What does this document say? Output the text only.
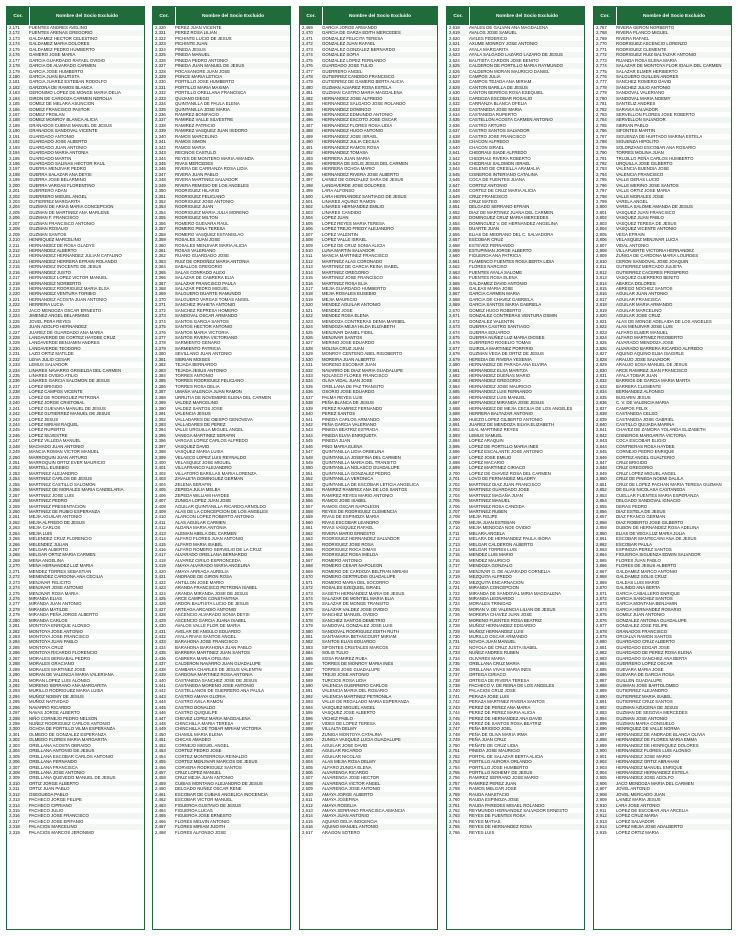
Cor.	Nombre del Socio Excluido
2,171	FUENTES ANDRES AVELINO
2,172	FUENTES ARENAS GREGORIO
2,173	GALDAMEZ HECTOR CELESTINO
2,174	GALDAMEZ MARIA DOLORES
2,175	GALDAMEZ PEDRO HUMBERTO
2,176	GAMERO JOSE MARIA
2,177	GARCIA GUARDADO RAFAEL OVIDIO
2,178	GARCIA DE ALVARADO CARMEN
2,179	GARCIA JOSE HUMBERTO
2,180	GARCIA JUAN BAUTISTA
2,181	GARCIA JUAREZ ESTEBAN RODOLFO
2,182	GARZONA DE RAMOS BLANCA
2,183	GERONIMO LOPEZ DE MONGE MARIA DELIA
2,184	GIRON DE CARDOZA CARMEN NEROLIA
2,185	GOMEZ DE MELARA ASUNCION
2,186	GOMEZ FRANCISCO PASTOR
2,187	GOMEZ FROILAN
2,188	GOMEZ MONROY BLANCA ALICIA
2,189	GRANADOS CUBIAS MANUEL DE JESUS
2,190	GRANADOS SANDOVAL VICENTE
2,191	GUARDADO ANTONIO
2,192	GUARDADO JOSE ALBERTO
2,193	GUARDADO JUAN ANTONIO
2,194	GUARDADO MARIA ANTONIA
2,195	GUARDADO MARTIN
2,196	GUARDADO SALINAS HECTOR RAUL
2,197	GUERRA MENJIVAR PEDRO
2,198	GUERRA SALAZAR ANA DEYSI
2,199	GUERRA JOSE BELARMINO
2,200	GUERRA VARGAS FLORENTINO
2,201	GUERRERO ADAN
2,202	GUERRERO MIGUEL ANGEL
2,203	GUTIERREZ MARGARITA
2,204	GUZMAN DE ARIAS MARIA CONCEPCION
2,205	GUZMAN DE MARTINEZ ANA MARLENE
2,206	GUZMAN F. FRANCISCO
2,207	GUZMAN FRANCISCO ANTONIO
2,208	GUZMAN ROSALIO
2,209	GUZMAN SANTOS
2,210	HENRIQUEZ MARCELINO
2,211	HERNANDEZ DE ROSA GLADYS
2,212	HERNANDEZ ALBERTO
2,213	HERNANDEZ HERNANDEZ JULIAN CATALINO
2,214	HERNANDEZ HERRERA EFRAIN ROLANDO
2,215	HERNANDEZ INOCENTE DE JESUS
2,216	HERNANDEZ JUSTO
2,217	HERNANDEZ LOPEZ VICTOR MANUEL
2,218	HERNANDEZ NORBERTO
2,219	HERNANDEZ RODRIGUEZ MARIA ELSA
2,220	HERNANDEZ VENTURA TORIBIO
2,221	HERNANDEZ ACOSTA JUAN ANTONIO
2,222	HERRERA LUCIA
2,223	JACO MENDOZA OSCAR ERNESTO
2,224	JIMENEZ ANGEL BELARMINO
2,225	JOVEL PERA REYES
2,226	JUAN ADOLFO HERNANDEZ
2,227	JUAREZ DE GUARDADO ANA MARIA
2,228	LANDAVERDE DE CORTEZ HAYDEE CRUZ
2,229	LANDAVERDE BENJAMIN ANDRES
2,230	LANDAVERDE TEODORO
2,231	LAZO ORTIZ MATILDE
2,232	LEIVA JULIO CESAR
2,233	LEMUS SALVADOR
2,234	LINARES NAVARRO GRISELDA DEL CARMEN
2,235	LINARES OVIDIO ATILIO
2,236	LINARES GARCIA SALOMON DE JESUS
2,237	LOPEZ BRIGIDO
2,238	LOPEZ CAMPOS VICENTE
2,239	LOPEZ DE RODRIGUEZ PETRONA
2,240	LOPEZ JORGE CRISTOBAL
2,241	LOPEZ GUEVARA MANUEL DE JESUS
2,242	LOPEZ GUTIERREZ MANUEL DE JESUS
2,243	LOPEZ JESUS
2,244	LOPEZ MIRIAM RAQUEL
2,245	LOPEZ RUPERTO
2,246	LOPEZ SILVESTRE
2,247	LOPEZ VILLEDA MANUEL
2,248	MACHADO JUAN ANTONIO
2,249	MANCIA ROMAN VICTOR MANUEL
2,250	MARROQUIN JUAN ARTURO
2,251	MARROQUIN ORTIZ EVER MAURICIO
2,252	MARTELL EUSEBIO
2,253	MARTINEZ ALEJANDRO
2,254	MARTINEZ CARLOS DE JESUS
2,255	MARTINEZ CASTILLO SALOMON
2,256	MARTINEZ DE MORALES MARIA CANDELARIA
2,257	MARTINEZ JOSE LUIS
2,258	MARTINEZ PEDRO
2,259	MARTINEZ PRESENTACION
2,260	MARTINEZ DE RUBIO ESPERANZA
2,261	MEJIA AGUILAR ANTONIO
2,262	MEJIA ALFREDO DE JESUS
2,263	MEJIA CARLOS
2,264	MEJIA LUIS
2,265	MELENDEZ CRUZ FLORENCIO
2,266	MELENDEZ JULIAN
2,267	MELGAR ALBERTO
2,268	MELGAR ORTIZ MARIA CARMEN
2,269	MENA ANGELINA
2,270	MENA HERNANDEZ LUZ MARIA
2,271	MENDEZ TORRES SEBASTIAN
2,272	MENENDEZ CARDONA ANA CECILIA
2,273	MENJIVAR FELICITO
2,274	MENJIVAR JOSE ANTONIO
2,275	MENJIVAR ROSA MARIA
2,276	MIRANDA ELIAS
2,277	MIRANDA JUAN ANTONIO
2,278	MIRANDA MATILDE
2,279	MIRANDA PEÑA JORGE ALBERTO
2,280	MIRANDA CARLOS
2,281	MONTOYA ENRIQUE ALONSO
2,282	MONTOYA JOSE ANTONIO
2,283	MONTOYA JOSE FRANCISCO
2,284	MONTOYA JUAN PABLO
2,285	MONTOYA CRUZ
2,286	MONTOYA RICARDO FLORENCIO
2,287	MORALES BERSABAL PEDRO
2,288	MORALES GRACIANO
2,289	MORALES MARTINEZ JOSE
2,290	MORAN DE VALENCIA MARIA VALERIANA
2,291	MORAN LOPEZ LUIS ALONSO
2,292	MORENO SERRANO ANA MARGARITA
2,293	MURILLO RODRIGUEZ MARIA LUISA
2,294	MUÑOZ NOEMY DE JESUS
2,295	MUÑOZ NATIVIDAD
2,296	NAVARRO RICARDO
2,297	NAVAS JORGE ALBERTO
2,298	NIÑO CORNEJO PEDRO NELSON
2,299	NUÑEZ RODRIGUEZ CARLOS ANTONIO
2,300	OCHOA DE PORTILLO VILMA ESPERANZA
2,301	OLMEDO DE GONZALEZ ESPERANZA
2,302	OLMEDO FLORES MARIA MARGARITA
2,303	ORELLANA ACOSTA OBRAIDO
2,304	ORELLANA ANTONIO DE JESUS
2,305	ORELLANA ESCOBAR CARLOS ANTONIO
2,306	ORELLANA FERNANDO
2,307	ORELLANA FRANCISCA
2,308	ORELLANA JOSE ANTONIO
2,309	ORELLANA QUEVEDO MANUEL DE JESUS
2,310	ORTIZ JORGE ALBERTO
2,311	ORTIZ JUAN PABLO
2,312	OSEGUEDA PABLO
2,313	PACHECO JORGE FELIPE
2,314	PACHECO CIPRIANO
2,315	PACHECO JULIO
2,316	PACHECO JOSE FRANCISCO
2,317	PACHECO JOSE EPIFANIO
2,318	PALACIOS MARCELINO
2,319	PALACIOS MARCOS JERONIMO
Cor.	Nombre del Socio Excluido
2,320	PEREZ JUAN VICENTE
2,321	PEREZ ROSA LILIAN
2,322	PICHINTE LUCIO DE JESUS
2,323	PICHINTE JUAN
2,324	PINEDA JESUS
2,325	PINEDA MANUEL
2,326	PINEDA PEDRO ANTONIO
2,327	PINEDA JUAN MANUEL DE JESUS
2,328	POCASANGRE JUAN JOSE
2,329	PONCE MARIA LETICIA
2,330	PORTILLO JOSE HUMBERTO
2,331	PORTILLO MARIA MAXIMA
2,332	PORTILLO ORELLANA FRANCISCA
2,333	QUIJANO DIEGO
2,334	QUINTANILLA DE PAULA ELENA
2,335	QUINTANILLA JOSE MARIA
2,336	RAMIREZ BONIFACIO
2,337	RAMIREZ VALLE SILVESTRE
2,338	RAMIREZ PATRICIO
2,339	RAMIREZ VASQUEZ JUAN ISIDORO
2,340	RAMOS MARCELINO
2,341	RAMOS SIMON
2,342	RAMOS MARIA
2,343	RECINOS CASTULO
2,344	REYES DE MONTERO MARIA AMANDA
2,345	RIVAS MERCEDES
2,346	RIVERA DE CARRANZA ROSA LIDIA
2,347	RIVERA JUAN PABLO
2,348	RIVERA MARTINEZ SALVADOR
2,349	RIVERA REMIGIO DE LOS ANGELES
2,350	RODRIGUEZ HILARIO
2,351	RODRIGUEZ FELICIANO
2,352	RODRIGUEZ JOSE ANTONIO
2,353	RODRIGUEZ JUAN
2,354	RODRIGUEZ MARIA JULIA MORENO
2,355	RODRIGUEZ MILTON
2,356	ROMERO GUEVARA RAUL
2,357	ROMERO PENA TERESA
2,358	ROMERO VASQUEZ ESTANISLAO
2,359	ROSALES JUAN JOSE
2,360	ROSALES MENJIVAR MARIA ALICIA
2,361	ROSAS VALERIANO
2,362	RUANO GUARDADO JOSE
2,363	RUIZ DE ORDOÑEZ MARIA ANTONIA
2,364	SABALLOS GREGORIO
2,365	SALAS CONRADO ALEXI
2,366	SALAZAR DE CABRERA ELIA
2,367	SALAZAR FRANCISCO PAULA
2,368	SALAZAR PEDRO MIGUEL
2,369	SALGUERO DUARTE RAMUNDO
2,370	SALGUERO VARGAS TOMAS ANGEL
2,371	SANCHEZ IRAHETA ANTONIO
2,372	SANCHEZ REPRESA HOMERO
2,373	SANDOVAL OSCAR ARMANDO
2,374	SANTOS GARCIA SANTOS
2,375	SANTOS HECTOR ANTONIO
2,376	SANTOS MARIA VICTORIA
2,377	SANTOS RIVERA VICTORIANO
2,378	SARMIENTO GENARO
2,379	SARMIENTO PATRICIA
2,380	SEVILLANO JUAN ANTONIO
2,381	SIBRIAN MOISES
2,382	TEJADA BERNARDO
2,383	TEJADA JESUS ANTONIO
2,384	TORRES ANTONIO
2,385	TORRES RODRIGUEZ FELICIANO
2,386	TORRES ROSA DELIA
2,387	UMAÑA VALENCIA JUAN RAMON
2,388	URRUTIA DE NOVEMBRE ELENA DEL CARMEN
2,389	VALDEZ MARCELINO
2,390	VALDEZ SANTOS JOSE
2,391	VALENCIA JESUS
2,392	VALLADARES DE OBISPO GENOVEVA
2,393	VALLADARES DE PEREZ
2,394	VALLE URGUILLA MIGUEL ANGEL
2,395	VANEGA MARTINEZ SERAFIN
2,396	VARGAS LOPEZ CARLOS ALFREDO
2,397	VASQUEZ DAVID
2,398	VASQUEZ MARIA LUISA
2,399	VELASCO LOPEZ LUIS REYNALDO
2,400	VELASQUEZ JOSE MIGUEL
2,401	VILLAFRANCO ALEJANDRO
2,402	VILLATORO BARILLAS MARIA LORENZA
2,403	ZAVALETA DOMINGUEZ GERMAN
2,404	ZELENA SERAFIN
2,405	ZEPEDA JULIA MELBA
2,406	ZEPEDA WILLIAM HAYDEE
2,407	ZUNIGA LOPEZ JUAN JOSE
2,408	AGUILAR QUINTANILLA RICARDO ARNOLDO
2,409	ALAS DE LA CONCEPCION DE LOS ANGELES
2,410	ALARCON LOPEZ ROBERTO ANTONIO
2,411	ALAS AGUILAR CARMEN
2,412	ALDANA MARIA ANTONIA
2,413	ALEMAN ABELA DEL CARMEN
2,414	ALFARO FLORES JUAN ANTONIO
2,415	ALFARO MARIA ISABEL
2,416	ALFARO ROMERO SERVELIO DE LA CRUZ
2,417	ALVARADO ORELLANA BERNARDO
2,418	ALVAREZ CIRILO ESPRONCEDA
2,419	AMAYA ALVARADO MARIA ANGELINA
2,420	AMAYA ARRIAGA AURELIA
2,421	ANDRADE DE GIRON ROSA
2,422	ANTILLON JOSE MARIO
2,423	ARANDA FRANCISCO PETRONA ISABEL
2,424	ARANDA MIRANDA JOSE DE JESUS
2,425	ARCE CAMPOS CONSTANTINA
2,426	ARDON BAUTISTA LUCIO DE JESUS
2,427	ARTEAGA ARCADIO ANTONIO
2,428	ASCENCIO ALVARADO SONIA DEYSI
2,429	ASCENCIO GARCIA JUANA ISABEL
2,430	AVALOS VALLE FLOR DE MARIA
2,431	AVELAR DE ANGULO EDUARDO
2,432	AYALA RIVAS SANTOS ANGEL
2,433	BARAHONA JOSE FRANCISCO
2,434	BARAHONA BARAHONA JUAN PABLO
2,435	BARRERA MARTINEZ JUAN SANTOS
2,436	CABRERA MARIA OFELINA
2,437	CALDERON NAVARRO JUAN GUADALUPE
2,438	CAMBARA CHARLES DE JESUS VALENTIN
2,439	CARDONA MARTINEZ ROSA ANTONIA
2,440	CASTANEDA SANCHEZ JOSE DE JESUS
2,441	CASTANEDA MORENO JOSE ANTONIO
2,442	CASTELLANOS DE GUERRERO ANA PAULA
2,443	CASTRO AMAYA GLORIA
2,444	CASTRO AVILA RAMON
2,445	CASTRO DONALDO
2,446	CASTRO QUIQUILPE
2,447	CHEVEZ LOPEZ MARIA MAGDALENA
2,448	CHINCHILLA MARIA TERESA
2,449	CHINCHILLA DE TOBAR MIRIAM VICTORIA
2,450	CHAMUL MARIA ELENA
2,451	CHICAS AMADEO
2,452	CORNEJO MIGUEL ANGEL
2,453	CORTEZ PEDRO JOSE
2,454	CORTEZ MONTERROSA REINALDO
2,455	CORTEZ MENJIVAR MARCOS DE JESUS
2,456	CORVERA RODRIGUEZ SANTOS
2,457	CRUZ LOPEZ MANUEL
2,458	CRUZ MEJIA JUAN ANTONIO
2,459	CUBIAS MONTANO ALEJANDRO DE JESUS
2,460	DELGADO NUÑEZ OSCAR RENE
2,461	ESCOBAR DE CUBIAS ANGELICA INOCENCIA
2,462	ESCOBAR VICTOR MANUEL
2,463	FIGUEROA GUSTAVO DE JESUS
2,464	FIGUEROA LUCAS
2,465	FIGUEROA JOSE ERNESTO
2,466	FLORES MELVIN ANTONIO
2,467	FLORES MIRIAM JUDITH
2,468	FLORES ALFONSO JOSE
Cor.	Nombre del Socio Excluido
2,469	GARCIA JORGE ARMANDO
2,470	GARCIA DE GARZA EDITH MERCEDES
2,471	GONZALEZ FELICITA TERESA
2,472	GONZALEZ JUAN RAFAEL
2,473	GONZALEZ GONZALEZ BERNARDO
2,474	GONZALEZ SOFIA
2,475	GONZALEZ LOPEZ FERNANDO
2,476	GUARDADO JOSE TULIO
2,477	GUERRERO ANGEL
2,478	GUTIERREZ CANDIDO FRANCISCO
2,479	GUTIERREZ DE GAMERO BERTA ALICIA
2,480	GUZMAN ALVAREZ ROSA ESTELA
2,481	GUZMAN CASTRO MARIA MAGDALENA
2,482	HERNANDEZ JOSE ALFREDO
2,483	HERNANDEZ SALGADO JOSE ROLANDO
2,484	HERNANDEZ DOMINGO
2,485	HERNANDEZ EDMUNDO ANTONIO
2,486	HERNANDEZ ESCOTO JOSE OSCAR
2,487	HERNANDEZ FLORES ROSA LIDIA
2,488	HERNANDEZ HUGO ANTONIO
2,489	HERNANDEZ JOSE ISRAEL
2,490	HERNANDEZ JULIA CECILIA
2,491	HERNANDEZ RAMOS ROSA
2,492	HERNANDEZ TOMASA
2,493	HERRERA JUAN MARIA
2,494	HERRERA DE SOLIS JESUS DEL CARMEN
2,495	HERRERA OCHOA MARIO
2,496	HERNANDEZ RIVERA JOSE ALBERTO
2,497	LAINEZ DE GONZALEZ SARA DE JESUS
2,498	LANDAVERDE JOSE DOLORES
2,499	LARA ALFONSO
2,500	LARA HERNANDEZ SANTIAGO DE JESUS
2,501	LINARES AQUINO RAMON
2,502	LINARES HERNANDEZ EMILIO
2,503	LINARES CANDIDO
2,504	LOPEZ JUAN
2,505	LOPEZ REYES MARIA TERESA
2,506	LOPEZ TREJO FREDY ALEJANDRO
2,507	LOPEZ VALENTIN
2,508	LOPEZ VALLE ISRAEL
2,509	LOPEZ DE CRUZ SONIA ALICIA
2,510	LUNA MARTIN SALVADOR
2,511	MANCIA MARTINEZ FRANCISCO
2,512	MARTINEZ ALAS CORONADO
2,513	MARTINEZ DE GARCIA REINA ISABEL
2,514	MARTINEZ GREGORIO
2,515	MARTINEZ JOSE FRANCISCO
2,516	MARTINEZ ROSA ELIA
2,517	MEJIA GUARDADO HUMBERTO
2,518	MEJIA ROSALES EUSEBIO
2,519	MEJIA MAURICIO
2,520	MENDEZ AGUILAR ANTONIO
2,521	MENDEZ JOSE
2,522	MENDEZ ROSA ELENA
2,523	MENDOZA CONTRERAS DENIA MARIBEL
2,524	MENDOZA MEJIA HILDA ELIZABETH
2,525	MENJIVAR DANIEL FIDEL
2,526	MENJIVAR SANTOS
2,527	MERINO JOSE EDUARDO
2,528	MOLINA CRUZ JUAN
2,529	MONROY CENTENO ABEL RIGOBERTO
2,530	MOREIRA JUAN ALBERTO
2,531	MORENO ESCOBAR JUAN
2,532	NAVARRO DE DIAZ MARIA GUADALUPE
2,533	NOLASCO FLORES FRANCISCO
2,534	OLIVA VIDAL JUAN JOSE
2,535	ORELLANA DE PAZ TRANSITO
2,536	OSORIO JOSE EDUARDO
2,537	PALMA REYES LUIS
2,538	PEÑA BLANCA DE JESUS
2,539	PEREZ RAMIREZ FERNANDO
2,540	PEREZ SANTOS
2,541	PINEDA CARLOS ARMANDO
2,542	PEÑA GARCIA VALERIANO
2,543	PINEDA BEATRIZ ESTRADA
2,544	PINEDA ELVIA ENRIQUETA
2,545	PINEDA JUAN
2,546	PINO MARIA ELENA
2,547	QUINTANILLA LIDIA ORBELINA
2,548	QUINTANILLA JOSEFINA DEL CARMEN
2,549	QUINTANILLA MARIA DEL TRANSITO
2,550	QUINTANILLA NOLASCO GUADALUPE
2,551	QUINTANILLA GONZALEZ PEDRO
2,552	QUINTANILLA VERONICA
2,553	QUINTANILLA DE ESCOBAR LETICIA ANGELICA
2,554	RAMIREZ RAMIREZ ANA DE LOS SANTOS
2,555	RAMIREZ REYES MARIO ANTONIO
2,556	RAMOS JOSE ISABEL
2,557	RAMOS OSCAR NAPOLEON
2,558	REYES DE RODRIGUEZ CLEMENCIA
2,559	RIVAS DE ESPINOZA MARIA
2,560	RIVAS ESCOBAR LEANDRO
2,561	RIVAS VASQUEZ RAFAEL
2,562	RIVERA MARIO ERNESTO
2,563	RODRIGUEZ HERNANDEZ SALVADOR
2,564	RODRIGUEZ JOSE ROSA
2,565	RODRIGUEZ ROCA DIMAS
2,566	RODRIGUEZ ROSA IMELDA
2,567	ROMERO ANTONIO
2,568	ROMERO CESAR NAPOLEON
2,569	ROMERO DE CARDOZA BELTRAN MIRIAM
2,570	ROMERO GERTRUDIS GUADALUPE
2,571	ROMERO MARIA DEL SOCORRO
2,572	ROSALES EZEQUIEL ISRAEL
2,573	SAGETH HERNANDEZ MARIA DE JESUS
2,574	SALAZAR DE MONTIEL MARIA ELIA
2,575	SALAZAR DE MONGE TRANSITO
2,576	SALAZAR VALDEZ JOSE OVIDIO
2,577	SANCHEZ MANUEL OVIDIO
2,578	SANCHEZ SANTOS DEMETRIO
2,579	SANDOVAL GONZALEZ JOSE LUIS
2,580	SANDOVAL RODRIGUEZ EDITH RUTH
2,581	SANTAMARIA BETANCOURT MIRIAM
2,582	SANTOS ELIAS EDUARDO
2,583	SIFONTES CRISTALES MARCOS
2,584	SOLIS TULIO
2,585	SOSA RAMIREZ RUBA
2,586	TORRES DE MONROY MARIA INES
2,587	TORRES JOSE GUADALUPE
2,588	TREJO JOSE ANTONIO
2,589	TURCIOS ROSA LIDIA
2,590	VALENCIA GUERRERO CARLOS
2,591	VALENCIA MARIA DEL ROSARIO
2,592	VALENCIA MARTINEZ PETRONILA
2,593	VALLE DE REGALADO MARIA ESPERANZA
2,594	VASQUEZ MIGUEL ANGEL
2,595	VASQUEZ JOSE ALBERTO
2,596	VICHEZ PABLO
2,597	VIDES DE LOPEZ TERESA
2,598	VILLALTA DELMY
2,599	ZUNIGA MONTOYA CATALINA
2,600	ZUNIGA VASQUEZ LUCIA GUADALUPE
2,601	AGUILAR JOSE DAVID
2,602	AGUILAR RICARDO
2,603	AGUILAR NICOLAS
2,604	ALAS MEJIA ROSA DELMY
2,605	ALFARO ZUNIGA ELENA
2,606	ALVARENGA RICARDO
2,607	ALVARENGA JOSE HECTOR
2,608	ALVARENGA VICTOR ANGEL
2,609	ALVARENGA JOSE ANTONIO
2,610	AMAYA JORGE ALBERTO
2,611	AMAYA JOSEFINA
2,612	AMAYA ROGELIA
2,613	AMAYA SERRANO FRANCISCA AMANCIA
2,614	AMAYA JUAN ANTONIO
2,615	AQUINO DELIA INOCENCIA
2,616	AQUINO MANUEL ANTONIO
2,617	ARAGON SOTERO
Cor.	Nombre del Socio Excluido
2,618	AVALES DE GALVAN ANA MAGDALENA
2,619	AVALOS JOSE SAMUEL
2,620	AVILES FEDERICO
2,621	AXUME MONROY JOSE ANTONIO
2,622	AYALA MARGARITA
2,623	AYALA SALGADO LAZARO LAZARO DE JESUS
2,624	BAUTISTA CARDON JOSE BENITO
2,625	CALDERON DE PORTILLO MARIA RAYMUNDO
2,626	CALDERON MORAN MAURICIO DANIEL
2,627	CAMPOS JULIA
2,628	CAMPOS TEJADA ANA MIRIAM
2,629	CANTON BARILLA DE JESUS
2,630	CANTON BERRIOS ROSA ESEQUIEL
2,631	CARDOZA ESCOBAR ROSALIO
2,632	CARRANZA BLANCA OFELIA
2,633	CASTANEDA JOSE MARIA
2,634	CASTANEDA RUPERTO
2,635	CASTELLON ACOSTA CARMEN ANTONIO
2,636	CASTRO ARTURO
2,637	CASTRO SANTOS SALVADOR
2,638	CASTRO JOSE FRANCISCO
2,639	CHACON ALFREDO
2,640	CHACON ISRAEL
2,641	CHEDRAUI SIADE ALFREDO
2,642	CHEDRAUI RIVERA ROBERTO
2,643	CHEDRAUI SALOMON ISRAEL
2,644	CHILENO DE CRESILLA ARAMALIA
2,645	CISNEROS INTERIANO CATALINA
2,646	COCA DE FUENTES JUANA
2,647	CORTEZ ANTONIO
2,648	CORTEZ DE CRUZ MARIA ALICIA
2,649	CRUZ FRANCISCO
2,650	CRUZ MATEO
2,651	DELGADO SERRANO EFRAIN
2,652	DIAZ DE MARTINEZ JUANA DEL CARMEN
2,653	DOMINGUEZ CRUZ MARIA MERCEDES
2,654	DOMINGUEZ V. DE HERNANDEZ ANGELINA
2,655	DUARTE JUAN
2,656	ELIAS DE MEDRANO DEL C. SALVADORA
2,657	ESCOBAR CRUZ
2,658	ESTEVEZ FERNANDO
2,659	ESTUPINIAN JORGE ALBERTO
2,660	FIGUEROA ANA PATRICIA
2,661	FLAMENCO FUENTES ROSA BERTA LIDIA
2,662	FLORES NARCISO
2,663	FUENTES AYALA SALOME
2,664	FUENTES ROSA ELENA
2,665	GALDAMEZ DAVID ANTONIO
2,666	GALEAS MARIA JOSE
2,667	GARCIA CARMEN MARIA
2,668	GARCIA DE CHAVEZ GABRIELA
2,669	GARCIA SANTOS MARIA GABRIELA
2,670	GOMEZ HUGO ROBERTO
2,671	GONZALEZ CONTRERAS VENTURA OSMIN
2,672	GONZALEZ VALENTIN
2,673	GUERRA CASTRO SANTIAGO
2,674	GUERRA EDUARDO
2,675	GUERRA NUÑEZ LUZ MARIA DIOSES
2,676	GUERRERO ROGELIO TOMAS
2,677	GUIROLA MARTINEZ PORFIRIO
2,678	GUZMAN VEGA DE ORTIZ DE JESUS
2,679	HEREDIA DE RIVERA YESENIA
2,680	HERNANDEZ DE PARADA ANA ELVIRA
2,681	HERNANDEZ ELSA MARITZA
2,682	HERNANDEZ DUEÑAS MARIO
2,683	HERNANDEZ GREGORIO
2,684	HERNANDEZ JOSE MAURICIO
2,685	HERNANDEZ LUIS FERNANDO
2,686	HERNANDEZ LUIS MANUEL
2,687	HERNANDEZ MIRANDA JOSE JESUS
2,688	HERNANDEZ DE MEJIA CECILIA DE LOS ANGELES
2,689	HERRERA BALTAZAR ANTONIO
2,690	HUEZO LOPEZ GILBERTO ANTONIO
2,691	JUAREZ DE MENDOZA SILVIA ELIZABETH
2,692	LEAL MARTINEZ REYES
2,693	LEMUS SAMUEL
2,694	LOPEZ ARAQUIN
2,695	LOPEZ DE PORTILLO MARIA INES
2,696	LOPEZ ESCALANTE JOSE ANTONIO
2,697	LOPEZ JOSE EMILIO
2,698	LOPEZ MACARIO
2,699	LOPEZ MARTINEZ CIRIACO
2,700	LOPEZ DE CHAVEZ ROSA DEL CARMEN
2,701	LOVO DE FERNANDEZ MILADRY
2,702	MARTINEZ DIAZ JUAN FRANCISCO
2,703	MARTINEZ GUARDADO JOSE
2,704	MARTINEZ MAGAÑA JUAN
2,705	MARTINEZ MANUEL
2,706	MARTINEZ ROSA CANDIDA
2,707	MARTINEZ RUBEN
2,708	MEJIA FELIPE
2,709	MEJIA JUAN ESTEBAN
2,710	MEJIA MENDOZA NOE OVIDIO
2,711	MELARA ANGELA
2,712	MELARA DE HERNANDEZ PAULA ISORA
2,713	MELGAR CALDERON ALBERTO
2,714	MELGAR TORRES LUIS
2,715	MENDEZ LUIS MARIO
2,716	MENDEZ MAURICIO
2,717	MENDOZA GONZALO
2,718	MENJIVAR G. DE ALVARADO CORNELIA
2,719	MEZQUITA ALFREDO
2,720	MEZQUITA ENCARNACION
2,721	MIRANDA CONCEPCION
2,722	MIRANDA DE SANDOVAL MIRIA MAGDALENA
2,723	MIRANDA LEONARDO
2,724	MORALES TRINIDAD
2,725	MORAN V. DE VALENCIA LILIAN DE JESUS
2,726	MOREIRA CHAVEZ JUAN JOSE
2,727	MORENO FUENTES ROSA BEATRIZ
2,728	MUÑOZ HERNANDEZ EDGARDO
2,729	MUÑOZ HERNANDEZ LUIS
2,730	MURILLO OSCAR ARMANDO
2,731	NOVOA JUAN MANUEL
2,732	NOYOLA DE CRUZ JUSTA ISABEL
2,733	NUÑEZ ANDRES RUBEN
2,734	OLIVARES MARIA
2,735	ORELLANA CRUZ MARIA
2,736	ORELLANA VIVAS MARIA INES
2,737	ORTEGA CIRIACO
2,738	ORTEGA DE RIVERA TERESA
2,739	PACHECO V. DE REINA DE LOS ANGELES
2,740	PALACIOS CRUZ JOSE
2,741	PERAZA JOSE LUIS
2,742	PERAZA MARTINEZ RIVERA SANTOS
2,743	PEREZ DE PEREZ ANA MARIA
2,744	PEREZ DE PEREZ MARIA ALICIA
2,745	PEREZ DE HERNANDEZ ANA DAVID
2,746	PEREZ DE SANTOS ROSA BEATRIZ
2,747	PEÑA BRIGIDO JOEL
2,748	PEÑA DE OLIVA MARIA IRMA
2,749	PEÑA JUAN CRUZ
2,750	PEÑATE DE CRUZ LIDIA
2,751	PINEDA JOSE MAURICIO
2,752	PORTAL DE SALAZAR BERTA ALICIA
2,753	PORTILLO AURORA ORLANDO
2,754	PORTILLO JOSE HUMBERTO
2,755	PORTILLO NOHEMY DE JESUS
2,756	RAMIREZ SERRANO JOSE MARIO
2,757	RAMIREZ PEREZ JUAN
2,758	RAMOS MELGAR JOSE
2,759	RAUDA ANASTACIO
2,760	RAUDA ESPINOZA JOSE
2,761	RAUDA PAREDES MISAEL ROLANDO
2,762	REYMUNDO HERNANDEZ SALVADOR ERNESTO
2,763	REYES DE FUENTES ROSA
2,764	REYES MATIAS
2,765	REYES DE HERNANDEZ ROSA
2,766	REYES LUIS
Cor.	Nombre del Socio Excluido
2,767	RIVERA GERON NORBERTO
2,768	RIVERA PLANCO MIGUEL
2,769	RIVERA RAFAEL
2,770	RODRIGUEZ ASCENCIO LORENZO
2,771	RODRIGUEZ CLEMENTE
2,772	RODRIGUEZ RUIZ BALTAZAR ANTONIO
2,773	RUANDA ROSA ELENA MARIA
2,774	SALAZAR DE MONTOYA FLOR IDALIA DEL CARMEN
2,775	SALAZAR ELMER HERIBERTO
2,776	SALGUERO GUILLEN ANDRES
2,777	SANCHEZ ROMERO DAVID
2,778	SANCHEZ JULIO ANTONIO
2,779	SANDOVAL VALERIANO
2,780	SANDOVAL MARIA NOEMY
2,781	SANTELIZ ANDRES
2,782	SARAVIA SALVADOR
2,783	SERVELLON FLORES JOSE ROBERTO
2,784	SERVELLON SALVADOR
2,785	SIBRIAN PABLO
2,786	SIFONTES MARTIN
2,787	SIGUENZA DE HURTADO MARINA ESTELA
2,788	SIGUENZA HIPOLITO
2,789	SOLORZANO ESCOBAR ANA ROSARIO
2,790	TORRES MOLINA JUAN
2,791	TRUJILLO PEÑA CARLOS HUMBERTO
2,792	URQUILLA JOSE GILBERTO
2,793	VALENCIA BUENDIA JOSE
2,794	VALENCIA FRANCISCO
2,795	VALLE DERAS LUCIO
2,796	VALLE MERINO JOSE SANTOS
2,797	VALLE ORTIZ JOSE MARIA
2,798	VALLE MORALES JOSE
2,799	VARELA ANGEL
2,800	VARELA SALOME AMANDA DE JESUS
2,801	VASQUEZ JUAN FRANCISCO
2,802	VASQUEZ JUAN PABLO
2,803	VASQUEZ TERESA DE JESUS
2,804	VASQUEZ VICENTE ANTONIO
2,805	VEGA EFRAIN
2,806	VELASQUEZ MENJIVAR LUCIA
2,807	VIDAL ANTONIO
2,808	VILLAFUERTE VICTORIA HERNANDEZ
2,809	ZUÑIGA DE CARDONA MARIA LOURDES
2,810	CERON SANDOVAL JOSE JOAQUIN
2,811	GUTIERREZ MERCADO JULIETA
2,812	GUTIERREZ CACERES PROSPERO
2,813	VASQUEZ GUERRERO BENITO
2,814	ABARCA DOLORES
2,815	ABREGO NOCHEZ SANTOS
2,816	AGUILAR JUAN ANTONIO
2,817	AGUILAR FRANCISCA
2,818	AGUILAR MARIA ARMANDO
2,819	AGUILAR MARCELINO
2,820	AGUILAR JOSE CRUZ
2,821	ALAS DE MONGE ADELAIDA DE LOS ANGELES
2,822	ALAS MENJIVAR JOSE LUIS
2,823	ALFARO ELMER MANUEL
2,824	ALFARO MARTINEZ RIGOBERTO
2,825	ALVARADO MENDOZA JOSE
2,826	ALVARADO BARRERA RICARDO ALFREDO
2,827	AQUINO AQUINO ELBA ISAGIRLE
2,828	ARAUJO JOSE SALVADOR
2,829	ARAUJO SOSA MANUEL DE JESUS
2,830	ARCE RAMIREZ JUAN FRANCISCO
2,831	AYALA TOBAR JUAN
2,832	BARRIOS DE GARCIA MARIA MARTA
2,833	BARRERA CLEMENTE
2,834	BERNANDEZ ALFONSO
2,835	BUGARIN JESUS
2,836	C. V. DE VALENCIA MARIA
2,837	CAMPOS FELIX
2,838	CASTANEDA CELSO
2,839	CASTANEDA JOSE GABRIEL
2,840	CASTILLO QUIJADA MARINA
2,841	CHAVEZ DE ZAMORA YOLANDA ELIZABETH
2,842	CISNEROS MARGARITA VICTORIA
2,843	COCA ESCOBAR ELIGIO
2,844	CONTRERAS ROSA HAYDEE
2,845	CORNEJO PEDRO ENRIQUE
2,846	CORTEZ ANGEL GUALTERIO
2,847	CRUZ BRIGIDO
2,848	CRUZ GREGORIO
2,849	CRUZ LOPEZ MIGUEL ANGEL
2,850	CRUZ DE PINEDA NOEMI DALILA
2,851	CRUZ DE LOPEZ PACHAN MARIA TERESA GUZMAN
2,852	DE ELIAS NICOLASA CASTANEDA
2,853	CUELLAR FUENTES MARIA ESPERANZA
2,854	DELGADO SANDOVAL IGNACIO
2,855	DERAS PEDRO
2,856	DIAZ ESTELA DE JESUS
2,857	DIAZ FRANCO GERMAN
2,858	DIAZ ROBERTO JOSE GILBERTO
2,859	DUBON DE HERNANDEZ ROSA ADELINA
2,860	ELIAS DE VEGA LUZ MARIA JULIA
2,861	ESCOBAR MANTECAINI ANA DE JESUS
2,862	ESCOBAR PAULA
2,863	ESPINOZA PEREZ SANTOS
2,864	FIGUEROA SIGUENZA EDWIN SALVADOR
2,865	FLORES JUAN PABLO
2,866	FLORES DE JESUS ALBERTO
2,867	GALDAMEZ MARCO ANTONIO
2,868	GALDAMEZ SOLIS CRUZ
2,869	GALEAS LUIS MARIO
2,870	GALINDO ANA BERTA
2,871	GARCIA CABALLERO ENRIQUE
2,872	GARCIA SANCHEZ SANTOS
2,873	GARCIA MONTANA BENJAMIN
2,874	GARCIA HERNANDEZ ROSARIO
2,875	GOMEZ JUAN ANTONIO
2,876	GONZALEZ ANTONIA GUADALUPE
2,877	GONZALEZ JOSE FELIPE
2,878	GRANADOS FRANCISCO
2,879	GRIJALVA RAMON SANTOS
2,880	GUARDADO CRUZ ALBERTO
2,881	GUARDADO EDGAR JOSE
2,882	GUARDADO DE PEREZ ROSA ELENA
2,883	GUARDADO SANCHEZ ANA BERTA
2,884	GUERRERO LOPEZ OSCAR
2,885	GUEVARA MARIA JOSE
2,886	GUEVARA DE GARCIA ROSA
2,887	GUILLEN GUADALUPE
2,888	GUSMAN JOSE BARTOLOMEO
2,889	GUTIERREZ ALEJANDRO
2,890	GUTIERREZ MARIA ISABEL
2,891	GUTIERREZ CRUZ SANTOS
2,892	GUZMAN AZUCENA DE JESUS
2,893	GUZMAN DE SEGOVIA MERCEDES
2,894	GUZMAN JOSE ANTONIO
2,895	GUZMAN MARIA CONSUELO
2,896	HENRIQUEZ DE VALLE NORMA
2,897	HERNANDEZ DE ANDRADE BLANCA OLIVIA
2,898	HERNANDEZ DE FLORES MARIA EMMA
2,899	HERNANDEZ DE HENRIQUEZ DOLORES
2,900	HERNANDEZ FLORES LUIS ALONSO
2,901	HERNANDEZ JOSE MARIO
2,902	HERNANDEZ ORTIZ ABRAHAM
2,903	HERNANDEZ MANUEL ENRIQUE
2,904	HERNANDEZ HERNANDEZ ESTELA
2,905	HERNANDEZ JOSE ADOLFO
2,906	JACO MENDOZA MARIA DEL CARMEN
2,907	JOVEL ANTONIO
2,908	JOVEL MERCADO JUAN
2,909	LAINEZ MARIA JESUS
2,910	LARA JOSE ANTONIO
2,911	LOPEZ DE ESCOBAR ANA ARCELIA
2,912	LOPEZ CRUZ MARIA
2,913	LOPEZ SALVADOR
2,914	LOPEZ MEJIA JOSE ADALBERTO
2,915	LOPEZ ORTIZ MARIA
